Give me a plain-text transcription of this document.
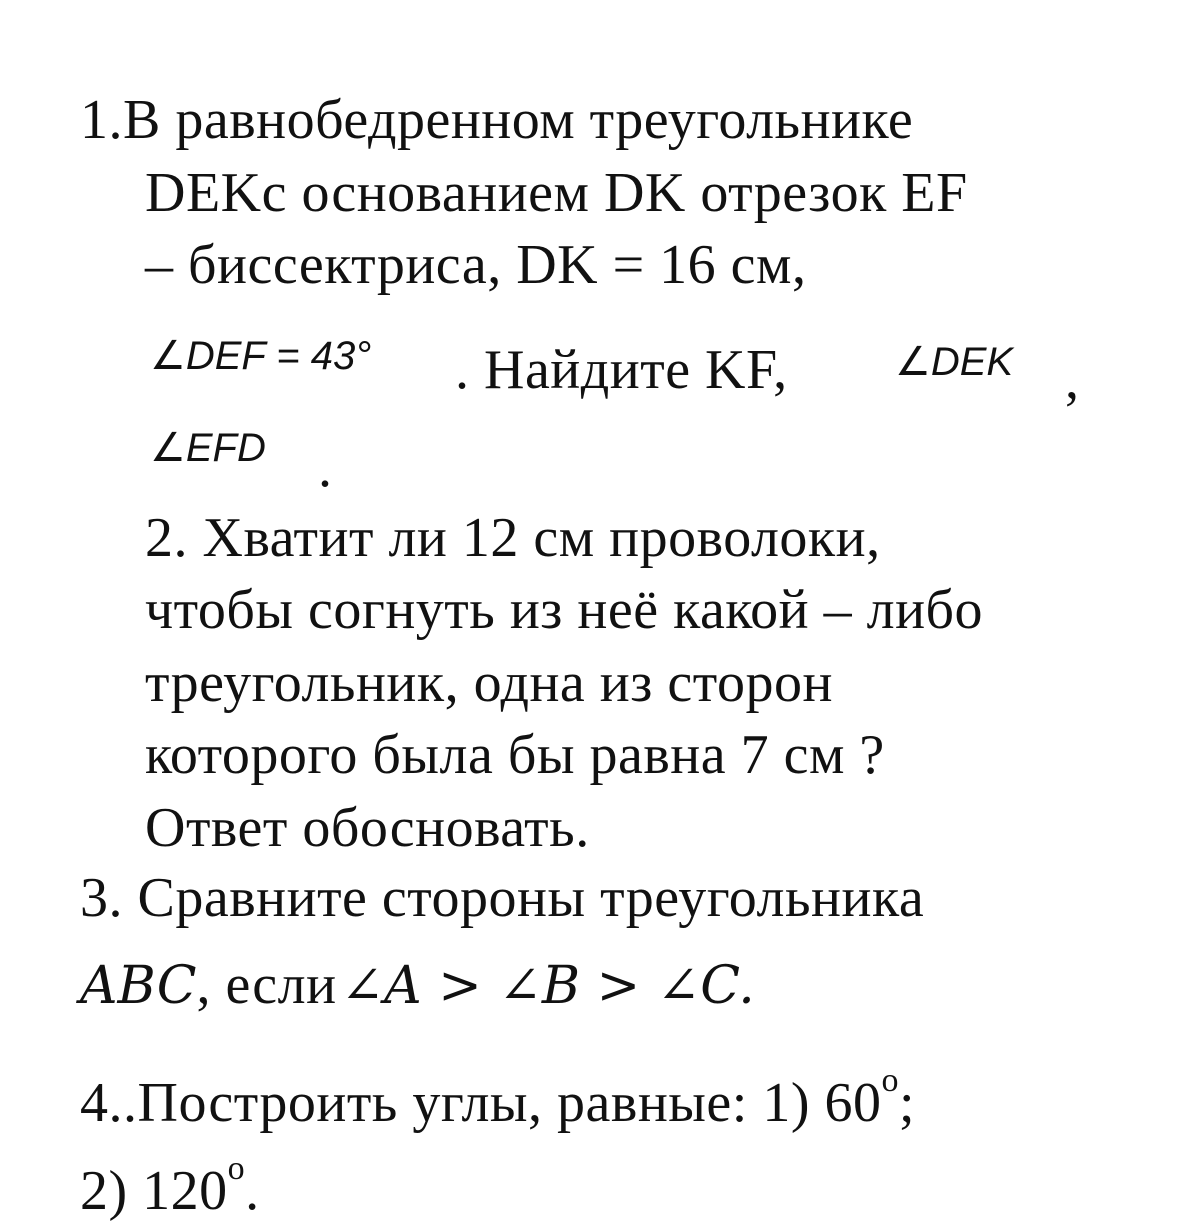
1.В равнобедренном треугольнике
DEKс основанием DK отрезок EF
– биссектриса, DK = 16 см,
∠DEF = 43° . Найдите KF,	∠DEK ,
∠EFD .
2. Хватит ли 12 см проволоки,
чтобы согнуть из неё какой – либо
треугольник, одна из сторон
которого была бы равна 7 см ?
Ответ обосновать.
3. Сравните стороны треугольника
ABC, если ∠A > ∠B > ∠C.
4..Построить углы, равные: 1) 60$^o$;
2) 120$^o$.
